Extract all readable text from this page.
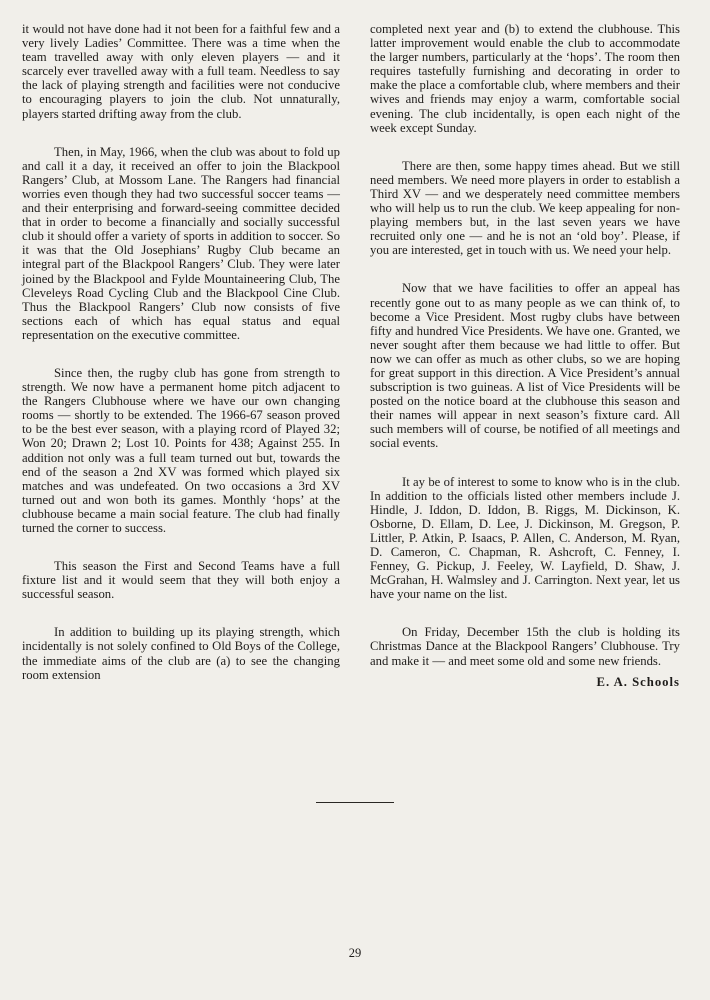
it would not have done had it not been for a faithful few and a very lively Ladies’ Committee. There was a time when the team travelled away with only eleven players — and it scarcely ever travelled away with a full team. Needless to say the lack of playing strength and facilities were not conducive to encouraging players to join the club. Not unnaturally, players started drifting away from the club.

Then, in May, 1966, when the club was about to fold up and call it a day, it received an offer to join the Blackpool Rangers’ Club, at Mossom Lane. The Rangers had financial worries even though they had two successful soccer teams — and their enterprising and forward-seeing committee decided that in order to become a financially and socially successful club it should offer a variety of sports in addition to soccer. So it was that the Old Josephians’ Rugby Club became an integral part of the Blackpool Rangers’ Club. They were later joined by the Blackpool and Fylde Mountaineering Club, The Cleveleys Road Cycling Club and the Blackpool Cine Club. Thus the Blackpool Rangers’ Club now consists of five sections each of which has equal status and equal representation on the executive committee.

Since then, the rugby club has gone from strength to strength. We now have a permanent home pitch adjacent to the Rangers Clubhouse where we have our own changing rooms — shortly to be extended. The 1966-67 season proved to be the best ever season, with a playing rcord of Played 32; Won 20; Drawn 2; Lost 10. Points for 438; Against 255. In addition not only was a full team turned out but, towards the end of the season a 2nd XV was formed which played six matches and was undefeated. On two occasions a 3rd XV turned out and won both its games. Monthly ‘hops’ at the clubhouse became a main social feature. The club had finally turned the corner to success.

This season the First and Second Teams have a full fixture list and it would seem that they will both enjoy a successful season.

In addition to building up its playing strength, which incidentally is not solely confined to Old Boys of the College, the immediate aims of the club are (a) to see the changing room extension

completed next year and (b) to extend the clubhouse. This latter improvement would enable the club to accommodate the larger numbers, particularly at the ‘hops’. The room then requires tastefully furnishing and decorating in order to make the place a comfortable club, where members and their wives and friends may enjoy a warm, comfortable social evening. The club incidentally, is open each night of the week except Sunday.

There are then, some happy times ahead. But we still need members. We need more players in order to establish a Third XV — and we desperately need committee members who will help us to run the club. We keep appealing for non-playing members but, in the last seven years we have recruited only one — and he is not an ‘old boy’. Please, if you are interested, get in touch with us. We need your help.

Now that we have facilities to offer an appeal has recently gone out to as many people as we can think of, to become a Vice President. Most rugby clubs have between fifty and hundred Vice Presidents. We have one. Granted, we never sought after them because we had little to offer. But now we can offer as much as other clubs, so we are hoping for great support in this direction. A Vice President’s annual subscription is two guineas. A list of Vice Presidents will be posted on the notice board at the clubhouse this season and their names will appear in next season’s fixture card. All such members will of course, be notified of all meetings and social events.

It ay be of interest to some to know who is in the club. In addition to the officials listed other members include J. Hindle, J. Iddon, D. Iddon, B. Riggs, M. Dickinson, K. Osborne, D. Ellam, D. Lee, J. Dickinson, M. Gregson, P. Littler, P. Atkin, P. Isaacs, P. Allen, C. Anderson, M. Ryan, D. Cameron, C. Chapman, R. Ashcroft, C. Fenney, I. Fenney, G. Pickup, J. Feeley, W. Layfield, D. Shaw, J. McGrahan, H. Walmsley and J. Carrington. Next year, let us have your name on the list.

On Friday, December 15th the club is holding its Christmas Dance at the Blackpool Rangers’ Clubhouse. Try and make it — and meet some old and some new friends.

E. A. Schools
29
